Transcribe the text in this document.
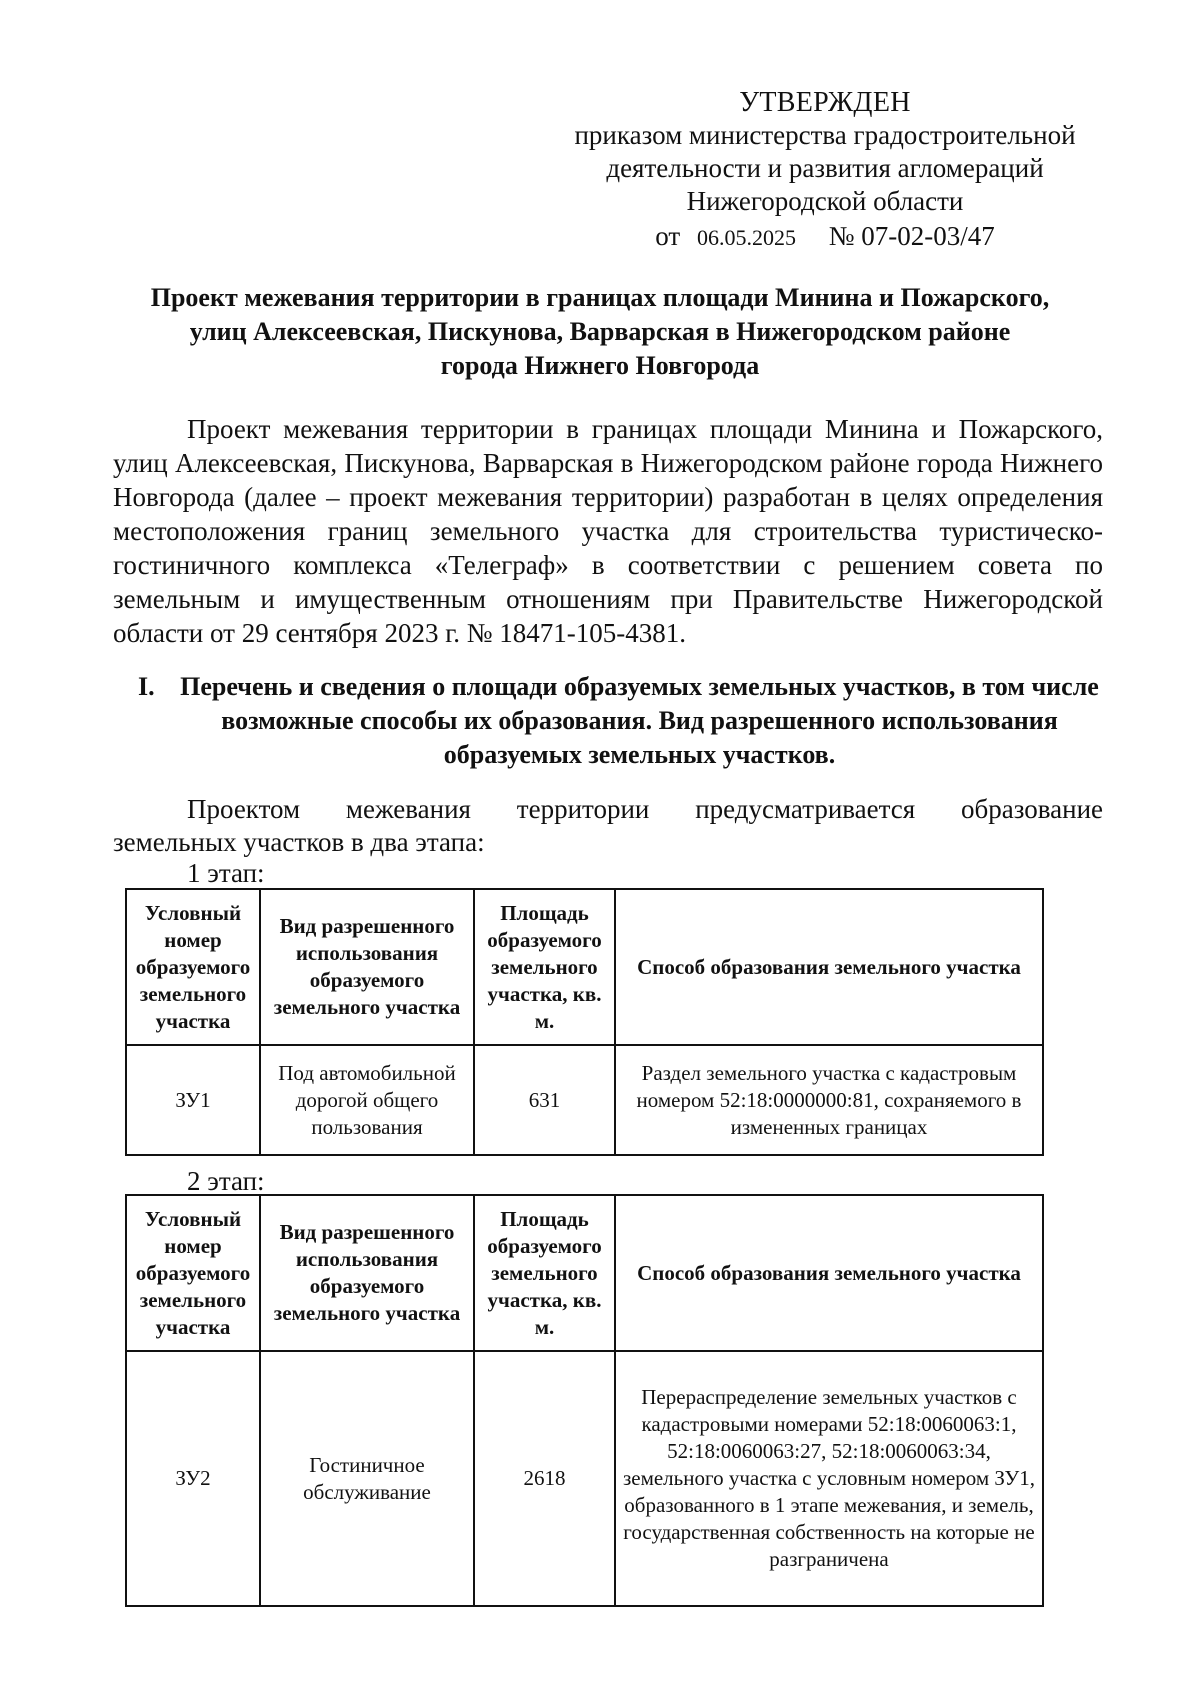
УТВЕРЖДЕН
приказом министерства градостроительной
деятельности и развития агломераций
Нижегородской области
от 06.05.2025 № 07-02-03/47
Проект межевания территории в границах площади Минина и Пожарского,
улиц Алексеевская, Пискунова, Варварская в Нижегородском районе
города Нижнего Новгорода

Проект межевания территории в границах площади Минина и Пожарского, улиц Алексеевская, Пискунова, Варварская в Нижегородском районе города Нижнего Новгорода (далее – проект межевания территории) разработан в целях определения местоположения границ земельного участка для строительства туристическо-гостиничного комплекса «Телеграф» в соответствии с решением совета по земельным и имущественным отношениям при Правительстве Нижегородской области от 29 сентября 2023 г. № 18471-105-4381.

I. Перечень и сведения о площади образуемых земельных участков, в том числе возможные способы их образования. Вид разрешенного использования образуемых земельных участков.
Проектом межевания территории предусматривается образование
земельных участков в два этапа:
1 этап:
Условный номер образуемого земельного участка	Вид разрешенного использования образуемого земельного участка	Площадь образуемого земельного участка, кв. м.	Способ образования земельного участка
ЗУ1	Под автомобильной дорогой общего пользования	631	Раздел земельного участка с кадастровым номером 52:18:0000000:81, сохраняемого в измененных границах
2 этап:
Условный номер образуемого земельного участка	Вид разрешенного использования образуемого земельного участка	Площадь образуемого земельного участка, кв. м.	Способ образования земельного участка
ЗУ2	Гостиничное обслуживание	2618	Перераспределение земельных участков с кадастровыми номерами 52:18:0060063:1, 52:18:0060063:27, 52:18:0060063:34, земельного участка с условным номером ЗУ1, образованного в 1 этапе межевания, и земель, государственная собственность на которые не разграничена
